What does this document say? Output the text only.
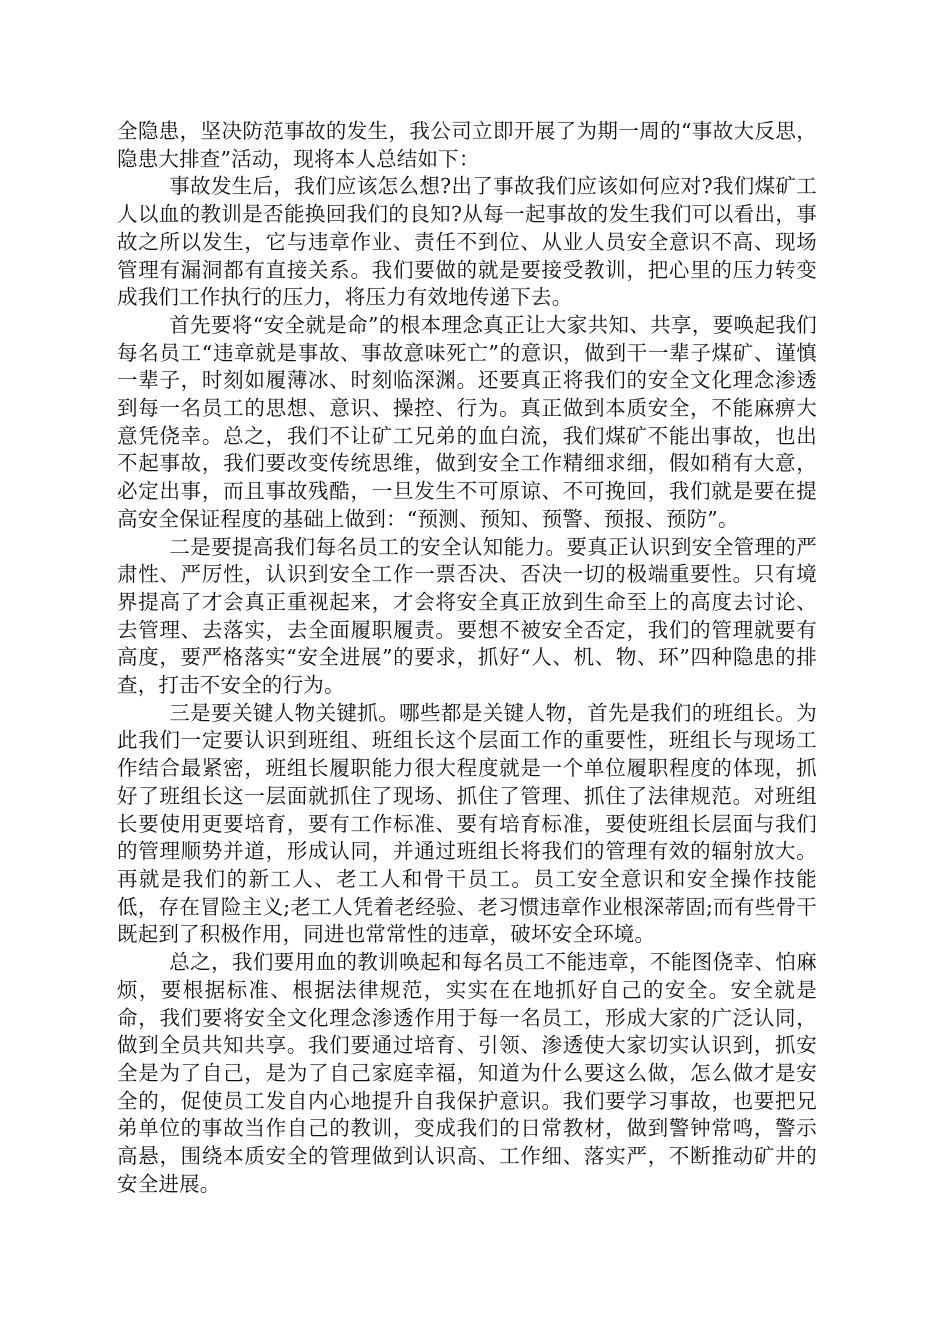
全隐患，坚决防范事故的发生，我公司立即开展了为期一周的“事故大反思，隐患大排查”活动，现将本人总结如下：

事故发生后，我们应该怎么想?出了事故我们应该如何应对?我们煤矿工人以血的教训是否能换回我们的良知?从每一起事故的发生我们可以看出，事故之所以发生，它与违章作业、责任不到位、从业人员安全意识不高、现场管理有漏洞都有直接关系。我们要做的就是要接受教训，把心里的压力转变成我们工作执行的压力，将压力有效地传递下去。

首先要将“安全就是命”的根本理念真正让大家共知、共享，要唤起我们每名员工“违章就是事故、事故意味死亡”的意识，做到干一辈子煤矿、谨慎一辈子，时刻如履薄冰、时刻临深渊。还要真正将我们的安全文化理念渗透到每一名员工的思想、意识、操控、行为。真正做到本质安全，不能麻痹大意凭侥幸。总之，我们不让矿工兄弟的血白流，我们煤矿不能出事故，也出不起事故，我们要改变传统思维，做到安全工作精细求细，假如稍有大意，必定出事，而且事故残酷，一旦发生不可原谅、不可挽回，我们就是要在提高安全保证程度的基础上做到：“预测、预知、预警、预报、预防”。

二是要提高我们每名员工的安全认知能力。要真正认识到安全管理的严肃性、严厉性，认识到安全工作一票否决、否决一切的极端重要性。只有境界提高了才会真正重视起来，才会将安全真正放到生命至上的高度去讨论、去管理、去落实，去全面履职履责。要想不被安全否定，我们的管理就要有高度，要严格落实“安全进展”的要求，抓好“人、机、物、环”四种隐患的排查，打击不安全的行为。

三是要关键人物关键抓。哪些都是关键人物，首先是我们的班组长。为此我们一定要认识到班组、班组长这个层面工作的重要性，班组长与现场工作结合最紧密，班组长履职能力很大程度就是一个单位履职程度的体现，抓好了班组长这一层面就抓住了现场、抓住了管理、抓住了法律规范。对班组长要使用更要培育，要有工作标准、要有培育标准，要使班组长层面与我们的管理顺势并道，形成认同，并通过班组长将我们的管理有效的辐射放大。再就是我们的新工人、老工人和骨干员工。员工安全意识和安全操作技能低，存在冒险主义;老工人凭着老经验、老习惯违章作业根深蒂固;而有些骨干既起到了积极作用，同进也常常性的违章，破坏安全环境。

总之，我们要用血的教训唤起和每名员工不能违章，不能图侥幸、怕麻烦，要根据标准、根据法律规范，实实在在地抓好自己的安全。安全就是命，我们要将安全文化理念渗透作用于每一名员工，形成大家的广泛认同，做到全员共知共享。我们要通过培育、引领、渗透使大家切实认识到，抓安全是为了自己，是为了自己家庭幸福，知道为什么要这么做，怎么做才是安全的，促使员工发自内心地提升自我保护意识。我们要学习事故，也要把兄弟单位的事故当作自己的教训，变成我们的日常教材，做到警钟常鸣，警示高悬，围绕本质安全的管理做到认识高、工作细、落实严，不断推动矿井的安全进展。
